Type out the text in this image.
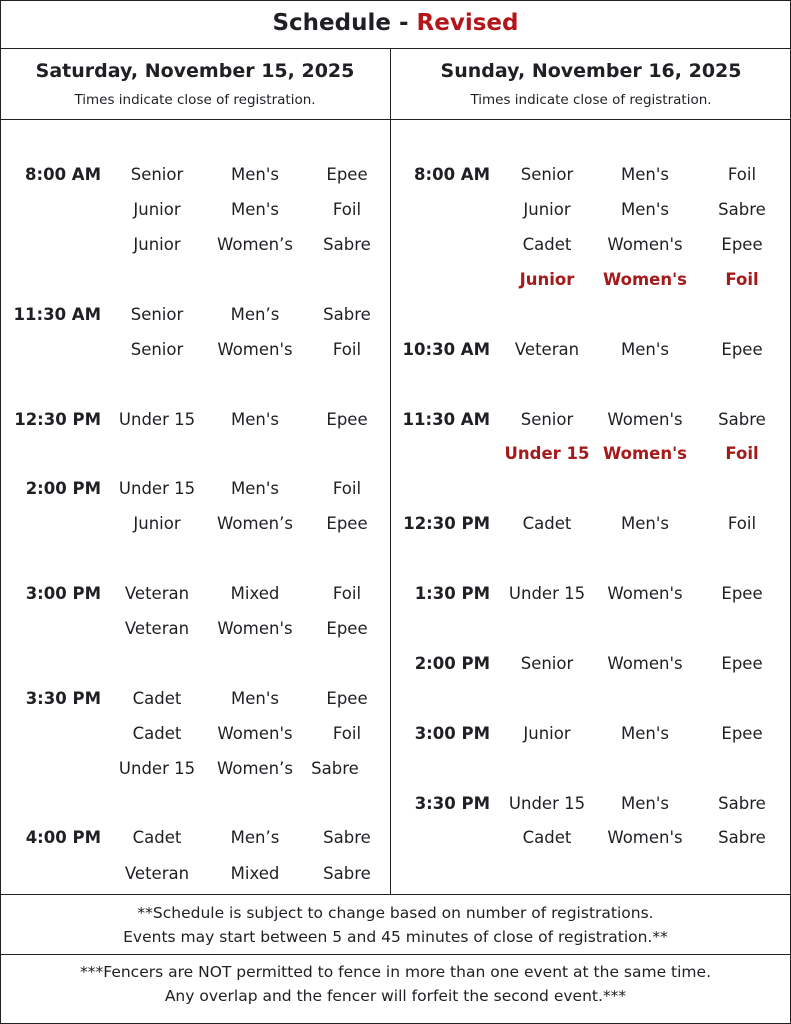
Schedule - Revised
Saturday, November 15, 2025
Times indicate close of registration.
Sunday, November 16, 2025
Times indicate close of registration.
8:00 AM	Senior	Men's	Epee
Junior	Men's	Foil
Junior	Women’s	Sabre
11:30 AM	Senior	Men’s	Sabre
Senior	Women's	Foil
12:30 PM	Under 15	Men's	Epee
2:00 PM	Under 15	Men's	Foil
Junior	Women’s	Epee
3:00 PM	Veteran	Mixed	Foil
Veteran	Women's	Epee
3:30 PM	Cadet	Men's	Epee
Cadet	Women's	Foil
Under 15	Women’s	Sabre
4:00 PM	Cadet	Men’s	Sabre
Veteran	Mixed	Sabre
8:00 AM	Senior	Men's	Foil
Junior	Men's	Sabre
Cadet	Women's	Epee
Junior	Women's	Foil
10:30 AM	Veteran	Men's	Epee
11:30 AM	Senior	Women's	Sabre
Under 15 Women's	Foil
12:30 PM	Cadet	Men's	Foil
1:30 PM	Under 15	Women's	Epee
2:00 PM	Senior	Women's	Epee
3:00 PM	Junior	Men's	Epee
3:30 PM	Under 15	Men's	Sabre
Cadet	Women's	Sabre
**Schedule is subject to change based on number of registrations.
Events may start between 5 and 45 minutes of close of registration.**
***Fencers are NOT permitted to fence in more than one event at the same time.
Any overlap and the fencer will forfeit the second event.***
